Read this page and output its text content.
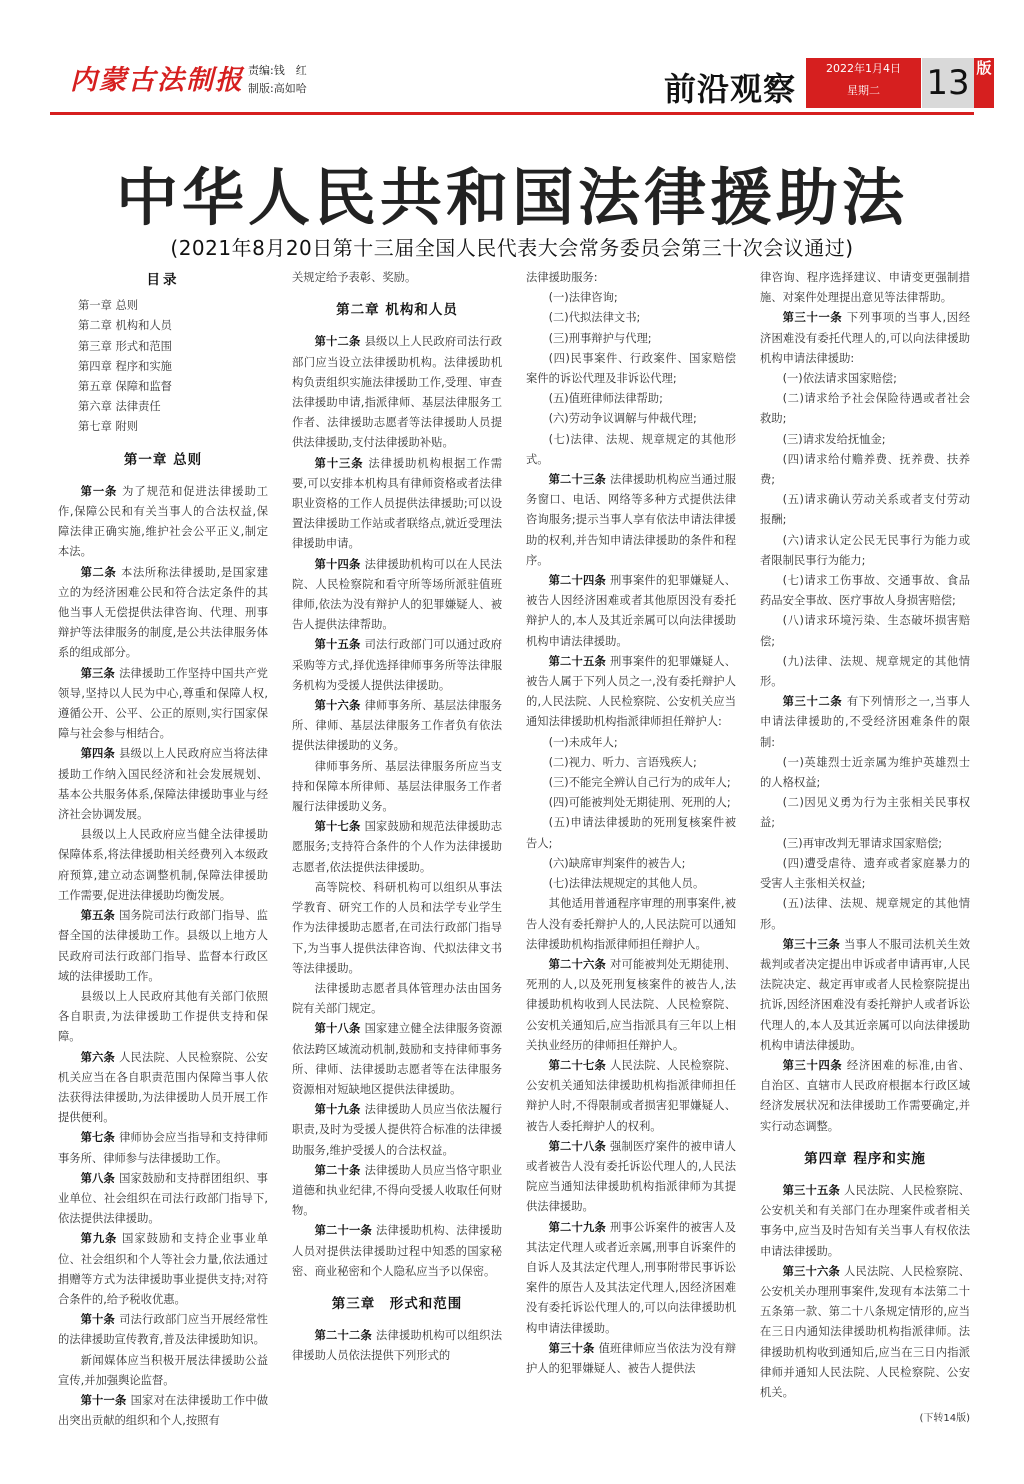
内蒙古法制报 责编:钱　红
制版:高如哈	前沿观察
2022年1月4日
星期二	13 版
中华人民共和国法律援助法
(2021年8月20日第十三届全国人民代表大会常务委员会第三十次会议通过)
目录
第一章 总则
第二章 机构和人员
第三章 形式和范围
第四章 程序和实施
第五章 保障和监督
第六章 法律责任
第七章 附则
第一章 总则

第一条 为了规范和促进法律援助工作,保障公民和有关当事人的合法权益,保障法律正确实施,维护社会公平正义,制定本法。

第二条 本法所称法律援助,是国家建立的为经济困难公民和符合法定条件的其他当事人无偿提供法律咨询、代理、刑事辩护等法律服务的制度,是公共法律服务体系的组成部分。

第三条 法律援助工作坚持中国共产党领导,坚持以人民为中心,尊重和保障人权,遵循公开、公平、公正的原则,实行国家保障与社会参与相结合。

第四条 县级以上人民政府应当将法律援助工作纳入国民经济和社会发展规划、基本公共服务体系,保障法律援助事业与经济社会协调发展。

县级以上人民政府应当健全法律援助保障体系,将法律援助相关经费列入本级政府预算,建立动态调整机制,保障法律援助工作需要,促进法律援助均衡发展。

第五条 国务院司法行政部门指导、监督全国的法律援助工作。县级以上地方人民政府司法行政部门指导、监督本行政区域的法律援助工作。

县级以上人民政府其他有关部门依照各自职责,为法律援助工作提供支持和保障。

第六条 人民法院、人民检察院、公安机关应当在各自职责范围内保障当事人依法获得法律援助,为法律援助人员开展工作提供便利。

第七条 律师协会应当指导和支持律师事务所、律师参与法律援助工作。

第八条 国家鼓励和支持群团组织、事业单位、社会组织在司法行政部门指导下,依法提供法律援助。

第九条 国家鼓励和支持企业事业单位、社会组织和个人等社会力量,依法通过捐赠等方式为法律援助事业提供支持;对符合条件的,给予税收优惠。

第十条 司法行政部门应当开展经常性的法律援助宣传教育,普及法律援助知识。

新闻媒体应当积极开展法律援助公益宣传,并加强舆论监督。

第十一条 国家对在法律援助工作中做出突出贡献的组织和个人,按照有

关规定给予表彰、奖励。

第二章 机构和人员

第十二条 县级以上人民政府司法行政部门应当设立法律援助机构。法律援助机构负责组织实施法律援助工作,受理、审查法律援助申请,指派律师、基层法律服务工作者、法律援助志愿者等法律援助人员提供法律援助,支付法律援助补贴。

第十三条 法律援助机构根据工作需要,可以安排本机构具有律师资格或者法律职业资格的工作人员提供法律援助;可以设置法律援助工作站或者联络点,就近受理法律援助申请。

第十四条 法律援助机构可以在人民法院、人民检察院和看守所等场所派驻值班律师,依法为没有辩护人的犯罪嫌疑人、被告人提供法律帮助。

第十五条 司法行政部门可以通过政府采购等方式,择优选择律师事务所等法律服务机构为受援人提供法律援助。

第十六条 律师事务所、基层法律服务所、律师、基层法律服务工作者负有依法提供法律援助的义务。

律师事务所、基层法律服务所应当支持和保障本所律师、基层法律服务工作者履行法律援助义务。

第十七条 国家鼓励和规范法律援助志愿服务;支持符合条件的个人作为法律援助志愿者,依法提供法律援助。

高等院校、科研机构可以组织从事法学教育、研究工作的人员和法学专业学生作为法律援助志愿者,在司法行政部门指导下,为当事人提供法律咨询、代拟法律文书等法律援助。

法律援助志愿者具体管理办法由国务院有关部门规定。

第十八条 国家建立健全法律服务资源依法跨区域流动机制,鼓励和支持律师事务所、律师、法律援助志愿者等在法律服务资源相对短缺地区提供法律援助。

第十九条 法律援助人员应当依法履行职责,及时为受援人提供符合标准的法律援助服务,维护受援人的合法权益。

第二十条 法律援助人员应当恪守职业道德和执业纪律,不得向受援人收取任何财物。

第二十一条 法律援助机构、法律援助人员对提供法律援助过程中知悉的国家秘密、商业秘密和个人隐私应当予以保密。

第三章　形式和范围

第二十二条 法律援助机构可以组织法律援助人员依法提供下列形式的

法律援助服务:

(一)法律咨询;

(二)代拟法律文书;

(三)刑事辩护与代理;

(四)民事案件、行政案件、国家赔偿案件的诉讼代理及非诉讼代理;

(五)值班律师法律帮助;

(六)劳动争议调解与仲裁代理;

(七)法律、法规、规章规定的其他形式。

第二十三条 法律援助机构应当通过服务窗口、电话、网络等多种方式提供法律咨询服务;提示当事人享有依法申请法律援助的权利,并告知申请法律援助的条件和程序。

第二十四条 刑事案件的犯罪嫌疑人、被告人因经济困难或者其他原因没有委托辩护人的,本人及其近亲属可以向法律援助机构申请法律援助。

第二十五条 刑事案件的犯罪嫌疑人、被告人属于下列人员之一,没有委托辩护人的,人民法院、人民检察院、公安机关应当通知法律援助机构指派律师担任辩护人:

(一)未成年人;

(二)视力、听力、言语残疾人;

(三)不能完全辨认自己行为的成年人;

(四)可能被判处无期徒刑、死刑的人;

(五)申请法律援助的死刑复核案件被告人;

(六)缺席审判案件的被告人;

(七)法律法规规定的其他人员。

其他适用普通程序审理的刑事案件,被告人没有委托辩护人的,人民法院可以通知法律援助机构指派律师担任辩护人。

第二十六条 对可能被判处无期徒刑、死刑的人,以及死刑复核案件的被告人,法律援助机构收到人民法院、人民检察院、公安机关通知后,应当指派具有三年以上相关执业经历的律师担任辩护人。

第二十七条 人民法院、人民检察院、公安机关通知法律援助机构指派律师担任辩护人时,不得限制或者损害犯罪嫌疑人、被告人委托辩护人的权利。

第二十八条 强制医疗案件的被申请人或者被告人没有委托诉讼代理人的,人民法院应当通知法律援助机构指派律师为其提供法律援助。

第二十九条 刑事公诉案件的被害人及其法定代理人或者近亲属,刑事自诉案件的自诉人及其法定代理人,刑事附带民事诉讼案件的原告人及其法定代理人,因经济困难没有委托诉讼代理人的,可以向法律援助机构申请法律援助。

第三十条 值班律师应当依法为没有辩护人的犯罪嫌疑人、被告人提供法

律咨询、程序选择建议、申请变更强制措施、对案件处理提出意见等法律帮助。

第三十一条 下列事项的当事人,因经济困难没有委托代理人的,可以向法律援助机构申请法律援助:

(一)依法请求国家赔偿;

(二)请求给予社会保险待遇或者社会救助;

(三)请求发给抚恤金;

(四)请求给付赡养费、抚养费、扶养费;

(五)请求确认劳动关系或者支付劳动报酬;

(六)请求认定公民无民事行为能力或者限制民事行为能力;

(七)请求工伤事故、交通事故、食品药品安全事故、医疗事故人身损害赔偿;

(八)请求环境污染、生态破坏损害赔偿;

(九)法律、法规、规章规定的其他情形。

第三十二条 有下列情形之一,当事人申请法律援助的,不受经济困难条件的限制:

(一)英雄烈士近亲属为维护英雄烈士的人格权益;

(二)因见义勇为行为主张相关民事权益;

(三)再审改判无罪请求国家赔偿;

(四)遭受虐待、遗弃或者家庭暴力的受害人主张相关权益;

(五)法律、法规、规章规定的其他情形。

第三十三条 当事人不服司法机关生效裁判或者决定提出申诉或者申请再审,人民法院决定、裁定再审或者人民检察院提出抗诉,因经济困难没有委托辩护人或者诉讼代理人的,本人及其近亲属可以向法律援助机构申请法律援助。

第三十四条 经济困难的标准,由省、自治区、直辖市人民政府根据本行政区域经济发展状况和法律援助工作需要确定,并实行动态调整。

第四章 程序和实施

第三十五条 人民法院、人民检察院、公安机关和有关部门在办理案件或者相关事务中,应当及时告知有关当事人有权依法申请法律援助。

第三十六条 人民法院、人民检察院、公安机关办理刑事案件,发现有本法第二十五条第一款、第二十八条规定情形的,应当在三日内通知法律援助机构指派律师。法律援助机构收到通知后,应当在三日内指派律师并通知人民法院、人民检察院、公安机关。

(下转14版)
